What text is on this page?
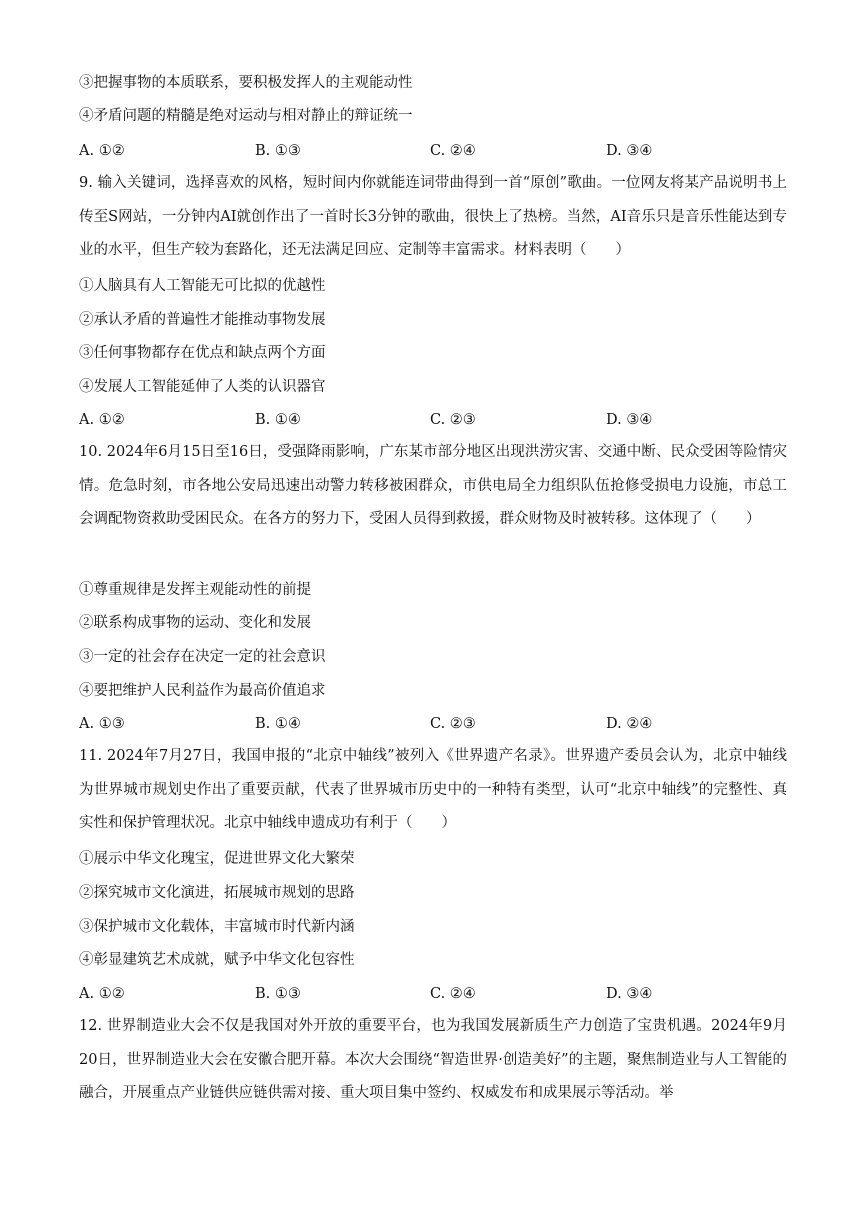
③把握事物的本质联系，要积极发挥人的主观能动性
④矛盾问题的精髓是绝对运动与相对静止的辩证统一
A. ①②	B. ①③	C. ②④	D. ③④
9. 输入关键词，选择喜欢的风格，短时间内你就能连词带曲得到一首“原创”歌曲。一位网友将某产品说明书上传至S网站，一分钟内AI就创作出了一首时长3分钟的歌曲，很快上了热榜。当然，AI音乐只是音乐性能达到专业的水平，但生产较为套路化，还无法满足回应、定制等丰富需求。材料表明（　　）
①人脑具有人工智能无可比拟的优越性
②承认矛盾的普遍性才能推动事物发展
③任何事物都存在优点和缺点两个方面
④发展人工智能延伸了人类的认识器官
A. ①②	B. ①④	C. ②③	D. ③④
10. 2024年6月15日至16日，受强降雨影响，广东某市部分地区出现洪涝灾害、交通中断、民众受困等险情灾情。危急时刻，市各地公安局迅速出动警力转移被困群众，市供电局全力组织队伍抢修受损电力设施，市总工会调配物资救助受困民众。在各方的努力下，受困人员得到救援，群众财物及时被转移。这体现了（　　）
①尊重规律是发挥主观能动性的前提
②联系构成事物的运动、变化和发展
③一定的社会存在决定一定的社会意识
④要把维护人民利益作为最高价值追求
A. ①③	B. ①④	C. ②③	D. ②④
11. 2024年7月27日，我国申报的“北京中轴线”被列入《世界遗产名录》。世界遗产委员会认为，北京中轴线为世界城市规划史作出了重要贡献，代表了世界城市历史中的一种特有类型，认可“北京中轴线”的完整性、真实性和保护管理状况。北京中轴线申遗成功有利于（　　）
①展示中华文化瑰宝，促进世界文化大繁荣
②探究城市文化演进，拓展城市规划的思路
③保护城市文化载体，丰富城市时代新内涵
④彰显建筑艺术成就，赋予中华文化包容性
A. ①②	B. ①③	C. ②④	D. ③④
12. 世界制造业大会不仅是我国对外开放的重要平台，也为我国发展新质生产力创造了宝贵机遇。2024年9月20日，世界制造业大会在安徽合肥开幕。本次大会围绕“智造世界·创造美好”的主题，聚焦制造业与人工智能的融合，开展重点产业链供应链供需对接、重大项目集中签约、权威发布和成果展示等活动。举
